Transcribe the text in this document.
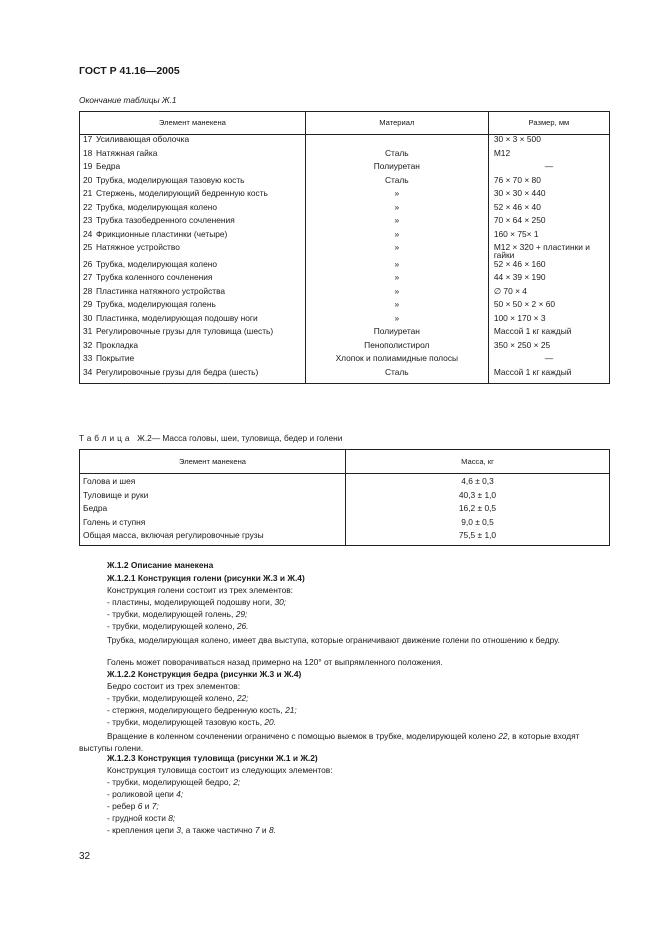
ГОСТ Р 41.16—2005
Окончание таблицы Ж.1
Элемент манекена		Материал	Размер, мм
17	Усиливающая оболочка		30 × 3 × 500
18	Натяжная гайка	Сталь	М12
19	Бедра	Полиуретан	—
20	Трубка, моделирующая тазовую кость	Сталь	76 × 70 × 80
21	Стержень, моделирующий бедренную кость	»	30 × 30 × 440
22	Трубка, моделирующая колено	»	52 × 46 × 40
23	Трубка тазобедренного сочленения	»	70 × 64 × 250
24	Фрикционные пластинки (четыре)	»	160 × 75× 1
25	Натяжное устройство	»	М12 × 320 + пластинки и гайки
26	Трубка, моделирующая колено	»	52 × 46 × 160
27	Трубка коленного сочленения	»	44 × 39 × 190
28	Пластинка натяжного устройства	»	∅ 70 × 4
29	Трубка, моделирующая голень	»	50 × 50 × 2 × 60
30	Пластинка, моделирующая подошву ноги	»	100 × 170 × 3
31	Регулировочные грузы для туловища (шесть)	Полиуретан	Массой 1 кг каждый
32	Прокладка	Пенополистирол	350 × 250 × 25
33	Покрытие	Хлопок и полиамидные полосы	—
34	Регулировочные грузы для бедра (шесть)	Сталь	Массой 1 кг каждый
Таблица Ж.2— Масса головы, шеи, туловища, бедер и голени
Элемент манекена	Масса, кг
Голова и шея	4,6 ± 0,3
Туловище и руки	40,3 ± 1,0
Бедра	16,2 ± 0,5
Голень и ступня	9,0 ± 0,5
Общая масса, включая регулировочные грузы	75,5 ± 1,0
Ж.1.2 Описание манекена
Ж.1.2.1 Конструкция голени (рисунки Ж.3 и Ж.4)
Конструкция голени состоит из трех элементов:
- пластины, моделирующей подошву ноги, 30;
- трубки, моделирующей голень, 29;
- трубки, моделирующей колено, 26.
Трубка, моделирующая колено, имеет два выступа, которые ограничивают движение голени по отношению к бедру.
Голень может поворачиваться назад примерно на 120° от выпрямленного положения.
Ж.1.2.2 Конструкция бедра (рисунки Ж.3 и Ж.4)
Бедро состоит из трех элементов:
- трубки, моделирующей колено, 22;
- стержня, моделирующего бедренную кость, 21;
- трубки, моделирующей тазовую кость, 20.
Вращение в коленном сочленении ограничено с помощью выемок в трубке, моделирующей колено 22, в которые входят выступы голени.
Ж.1.2.3 Конструкция туловища (рисунки Ж.1 и Ж.2)
Конструкция туловища состоит из следующих элементов:
- трубки, моделирующей бедро, 2;
- роликовой цепи 4;
- ребер 6 и 7;
- грудной кости 8;
- крепления цепи 3, а также частично 7 и 8.
32
